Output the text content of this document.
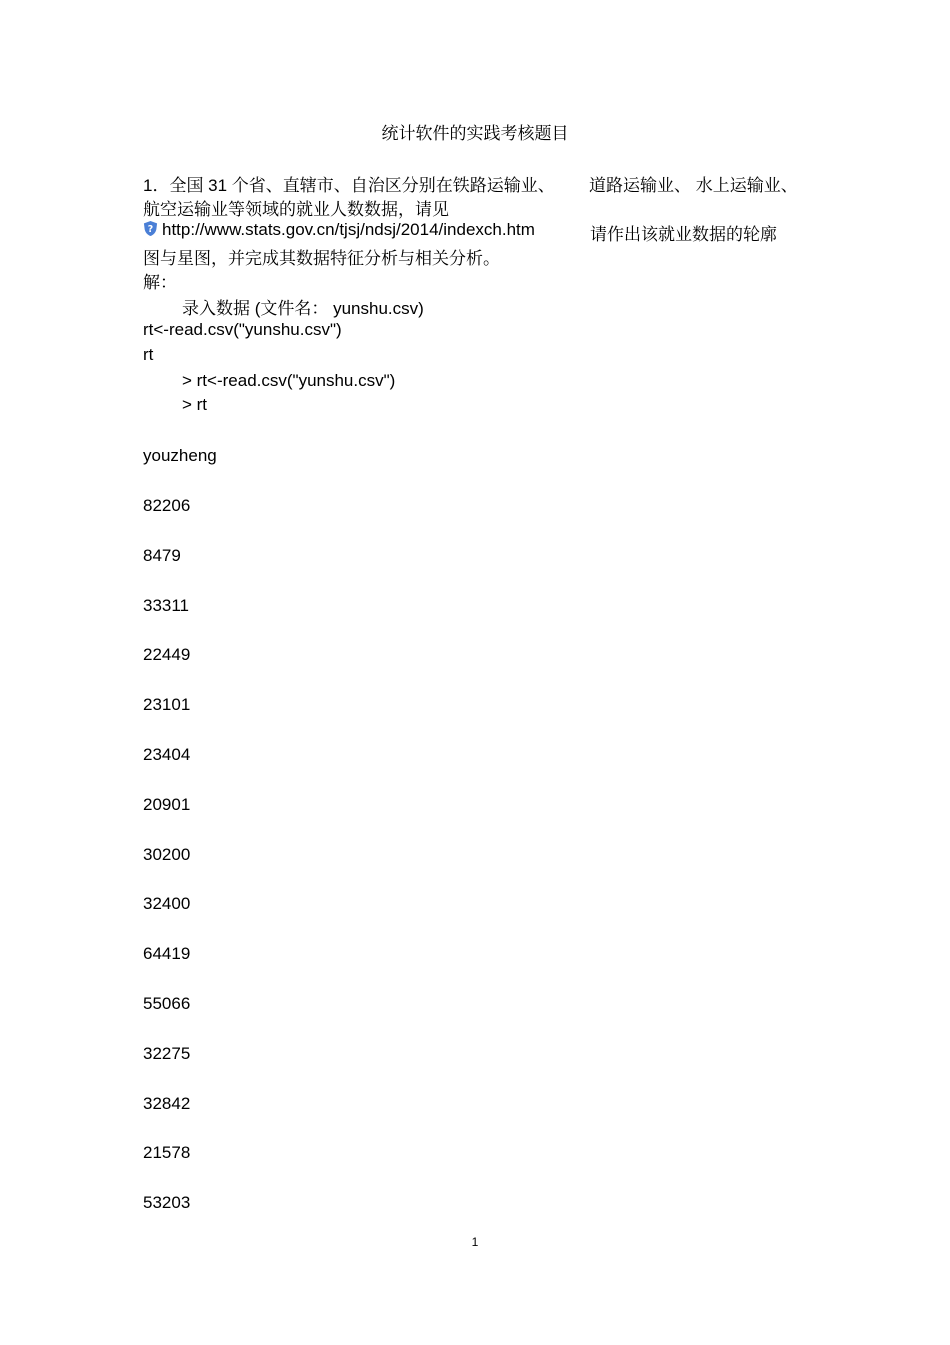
统计软件的实践考核题目
1．全国 31 个省、直辖市、自治区分别在铁路运输业、 道路运输业、 水上运输业、
航空运输业等领域的就业人数数据，请见
? http://www.stats.gov.cn/tjsj/ndsj/2014/indexch.htm	请作出该就业数据的轮廓
图与星图，并完成其数据特征分析与相关分析。
解：
录入数据 (文件名： yunshu.csv)
rt<-read.csv("yunshu.csv")
rt
> rt<-read.csv("yunshu.csv")
> rt
youzheng
82206
8479
33311
22449
23101
23404
20901
30200
32400
64419
55066
32275
32842
21578
53203
1
